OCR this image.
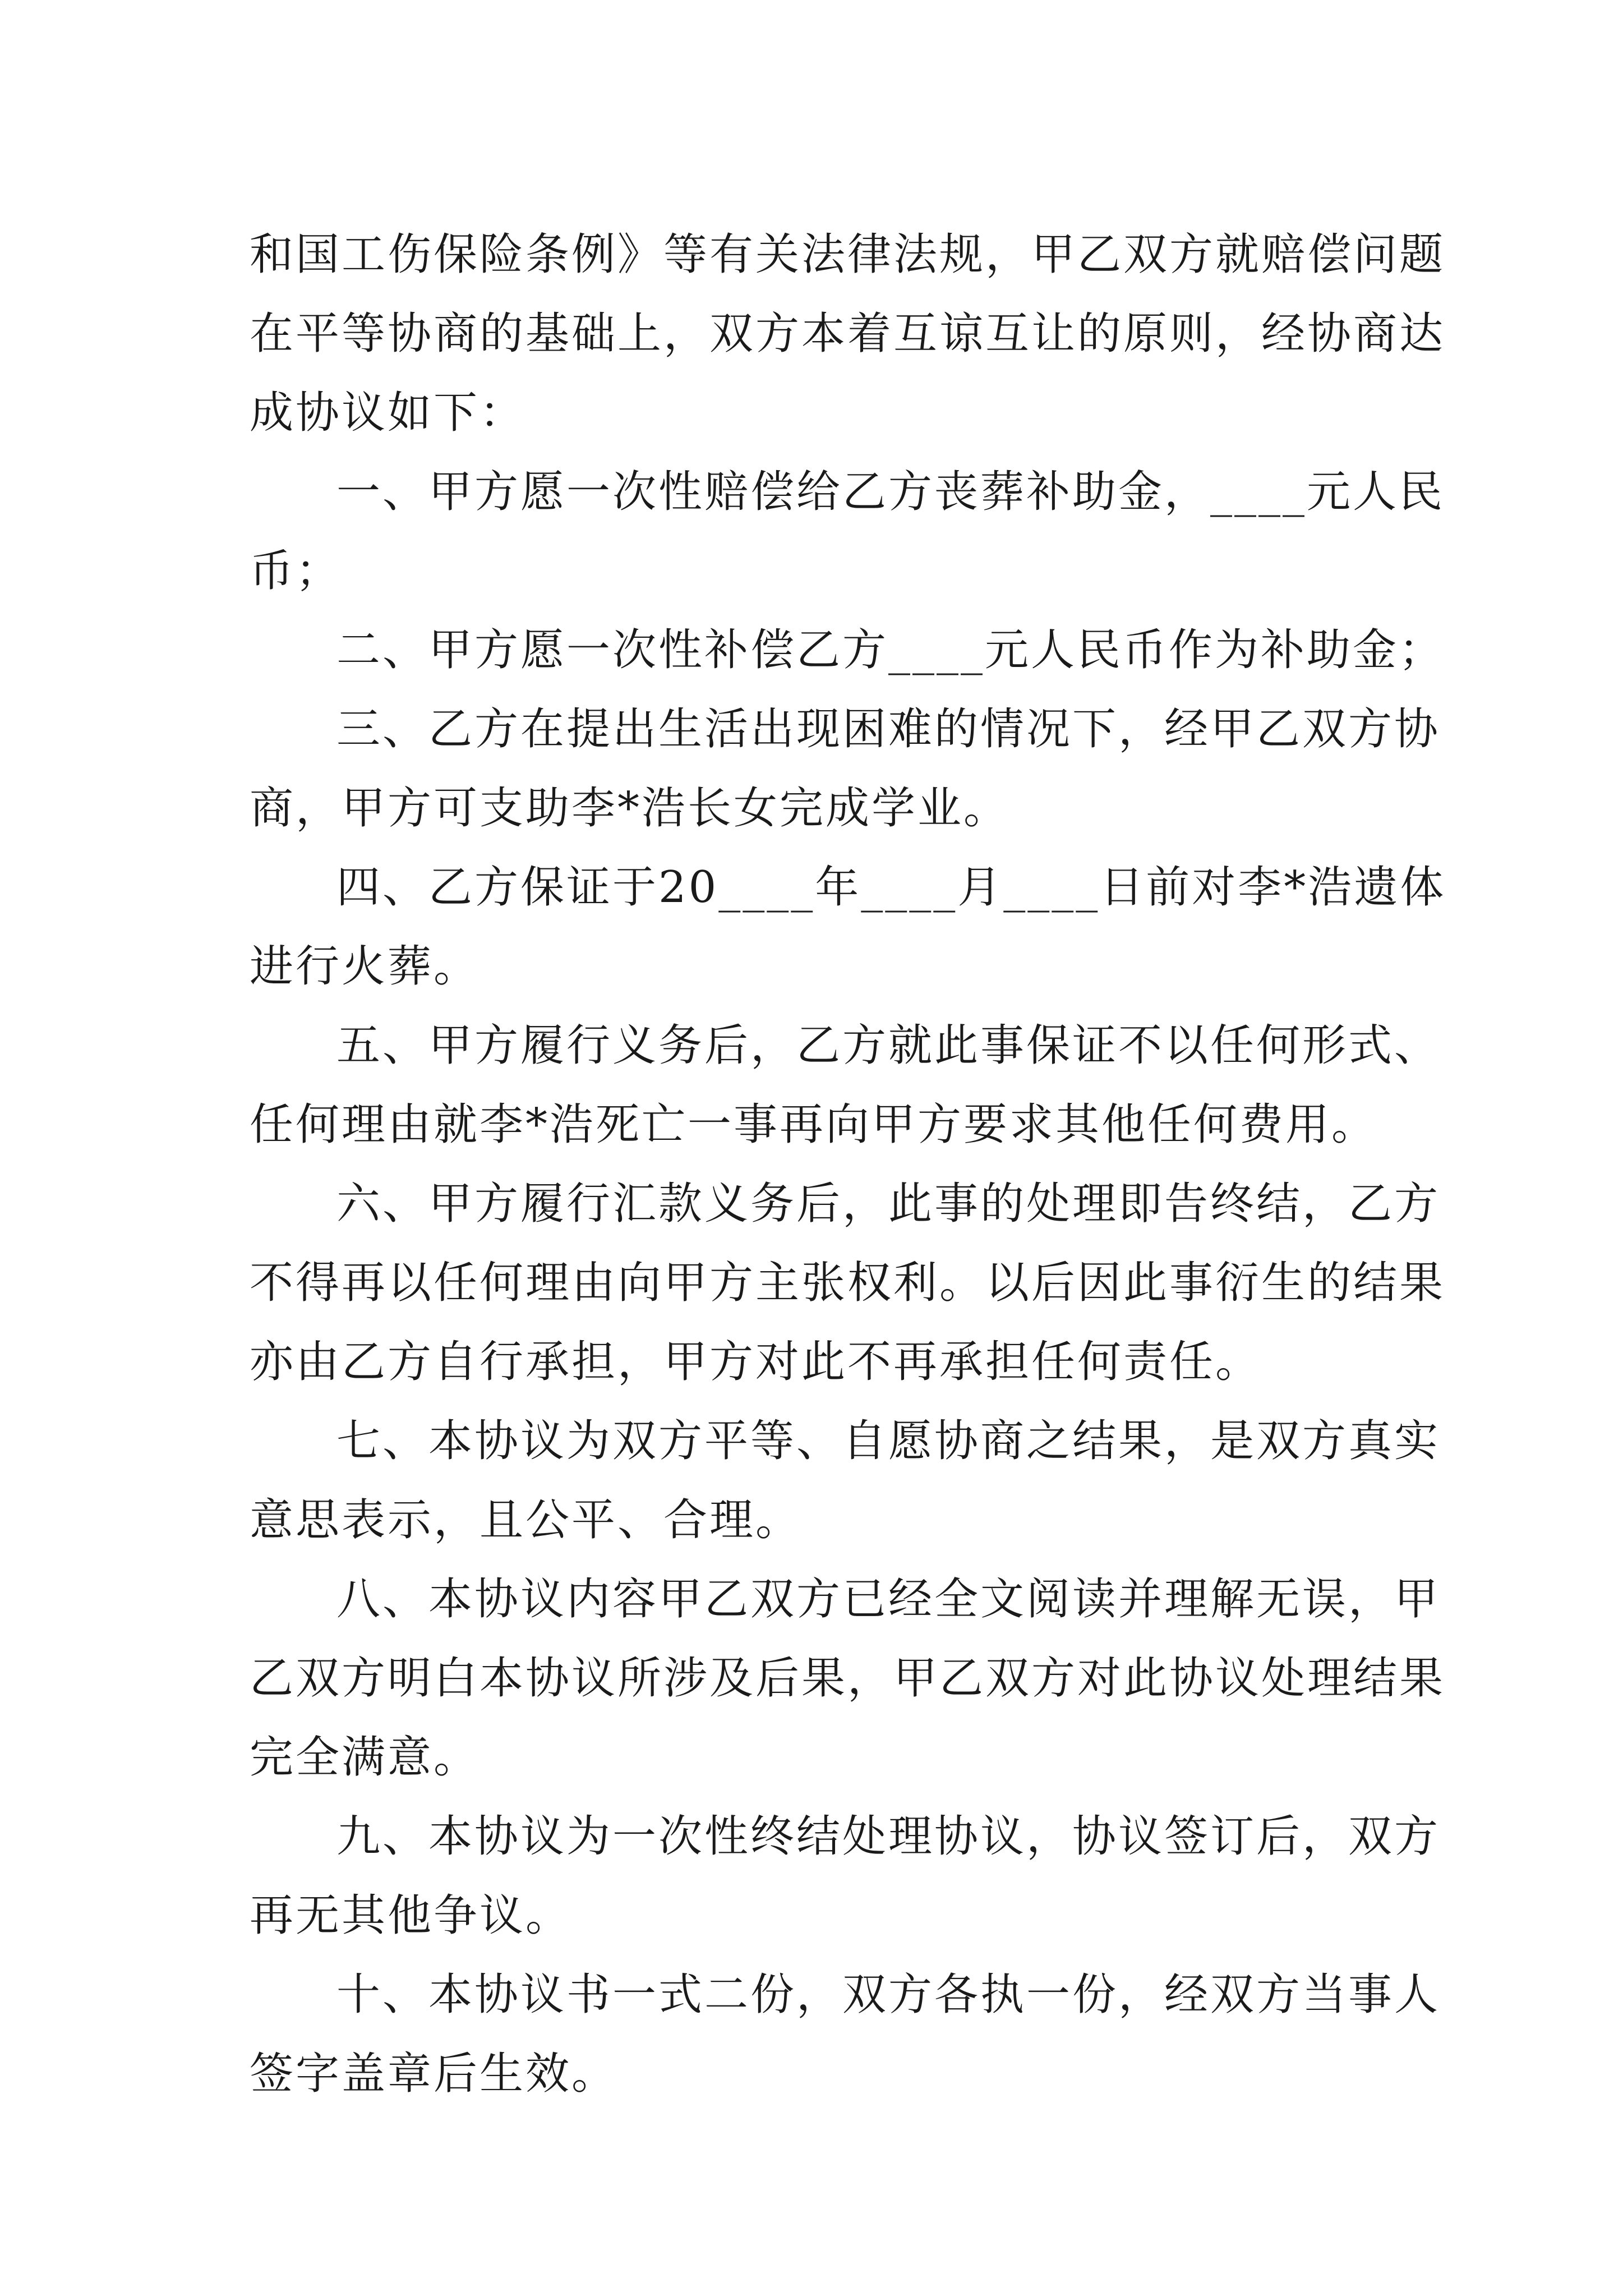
和国工伤保险条例》等有关法律法规，甲乙双方就赔偿问题
在平等协商的基础上，双方本着互谅互让的原则，经协商达
成协议如下：
一、甲方愿一次性赔偿给乙方丧葬补助金，____元人民
币；
二、甲方愿一次性补偿乙方____元人民币作为补助金；
三、乙方在提出生活出现困难的情况下，经甲乙双方协
商，甲方可支助李*浩长女完成学业。
四、乙方保证于20____年____月____日前对李*浩遗体
进行火葬。
五、甲方履行义务后，乙方就此事保证不以任何形式、
任何理由就李*浩死亡一事再向甲方要求其他任何费用。
六、甲方履行汇款义务后，此事的处理即告终结，乙方
不得再以任何理由向甲方主张权利。以后因此事衍生的结果
亦由乙方自行承担，甲方对此不再承担任何责任。
七、本协议为双方平等、自愿协商之结果，是双方真实
意思表示，且公平、合理。
八、本协议内容甲乙双方已经全文阅读并理解无误，甲
乙双方明白本协议所涉及后果，甲乙双方对此协议处理结果
完全满意。
九、本协议为一次性终结处理协议，协议签订后，双方
再无其他争议。
十、本协议书一式二份，双方各执一份，经双方当事人
签字盖章后生效。
